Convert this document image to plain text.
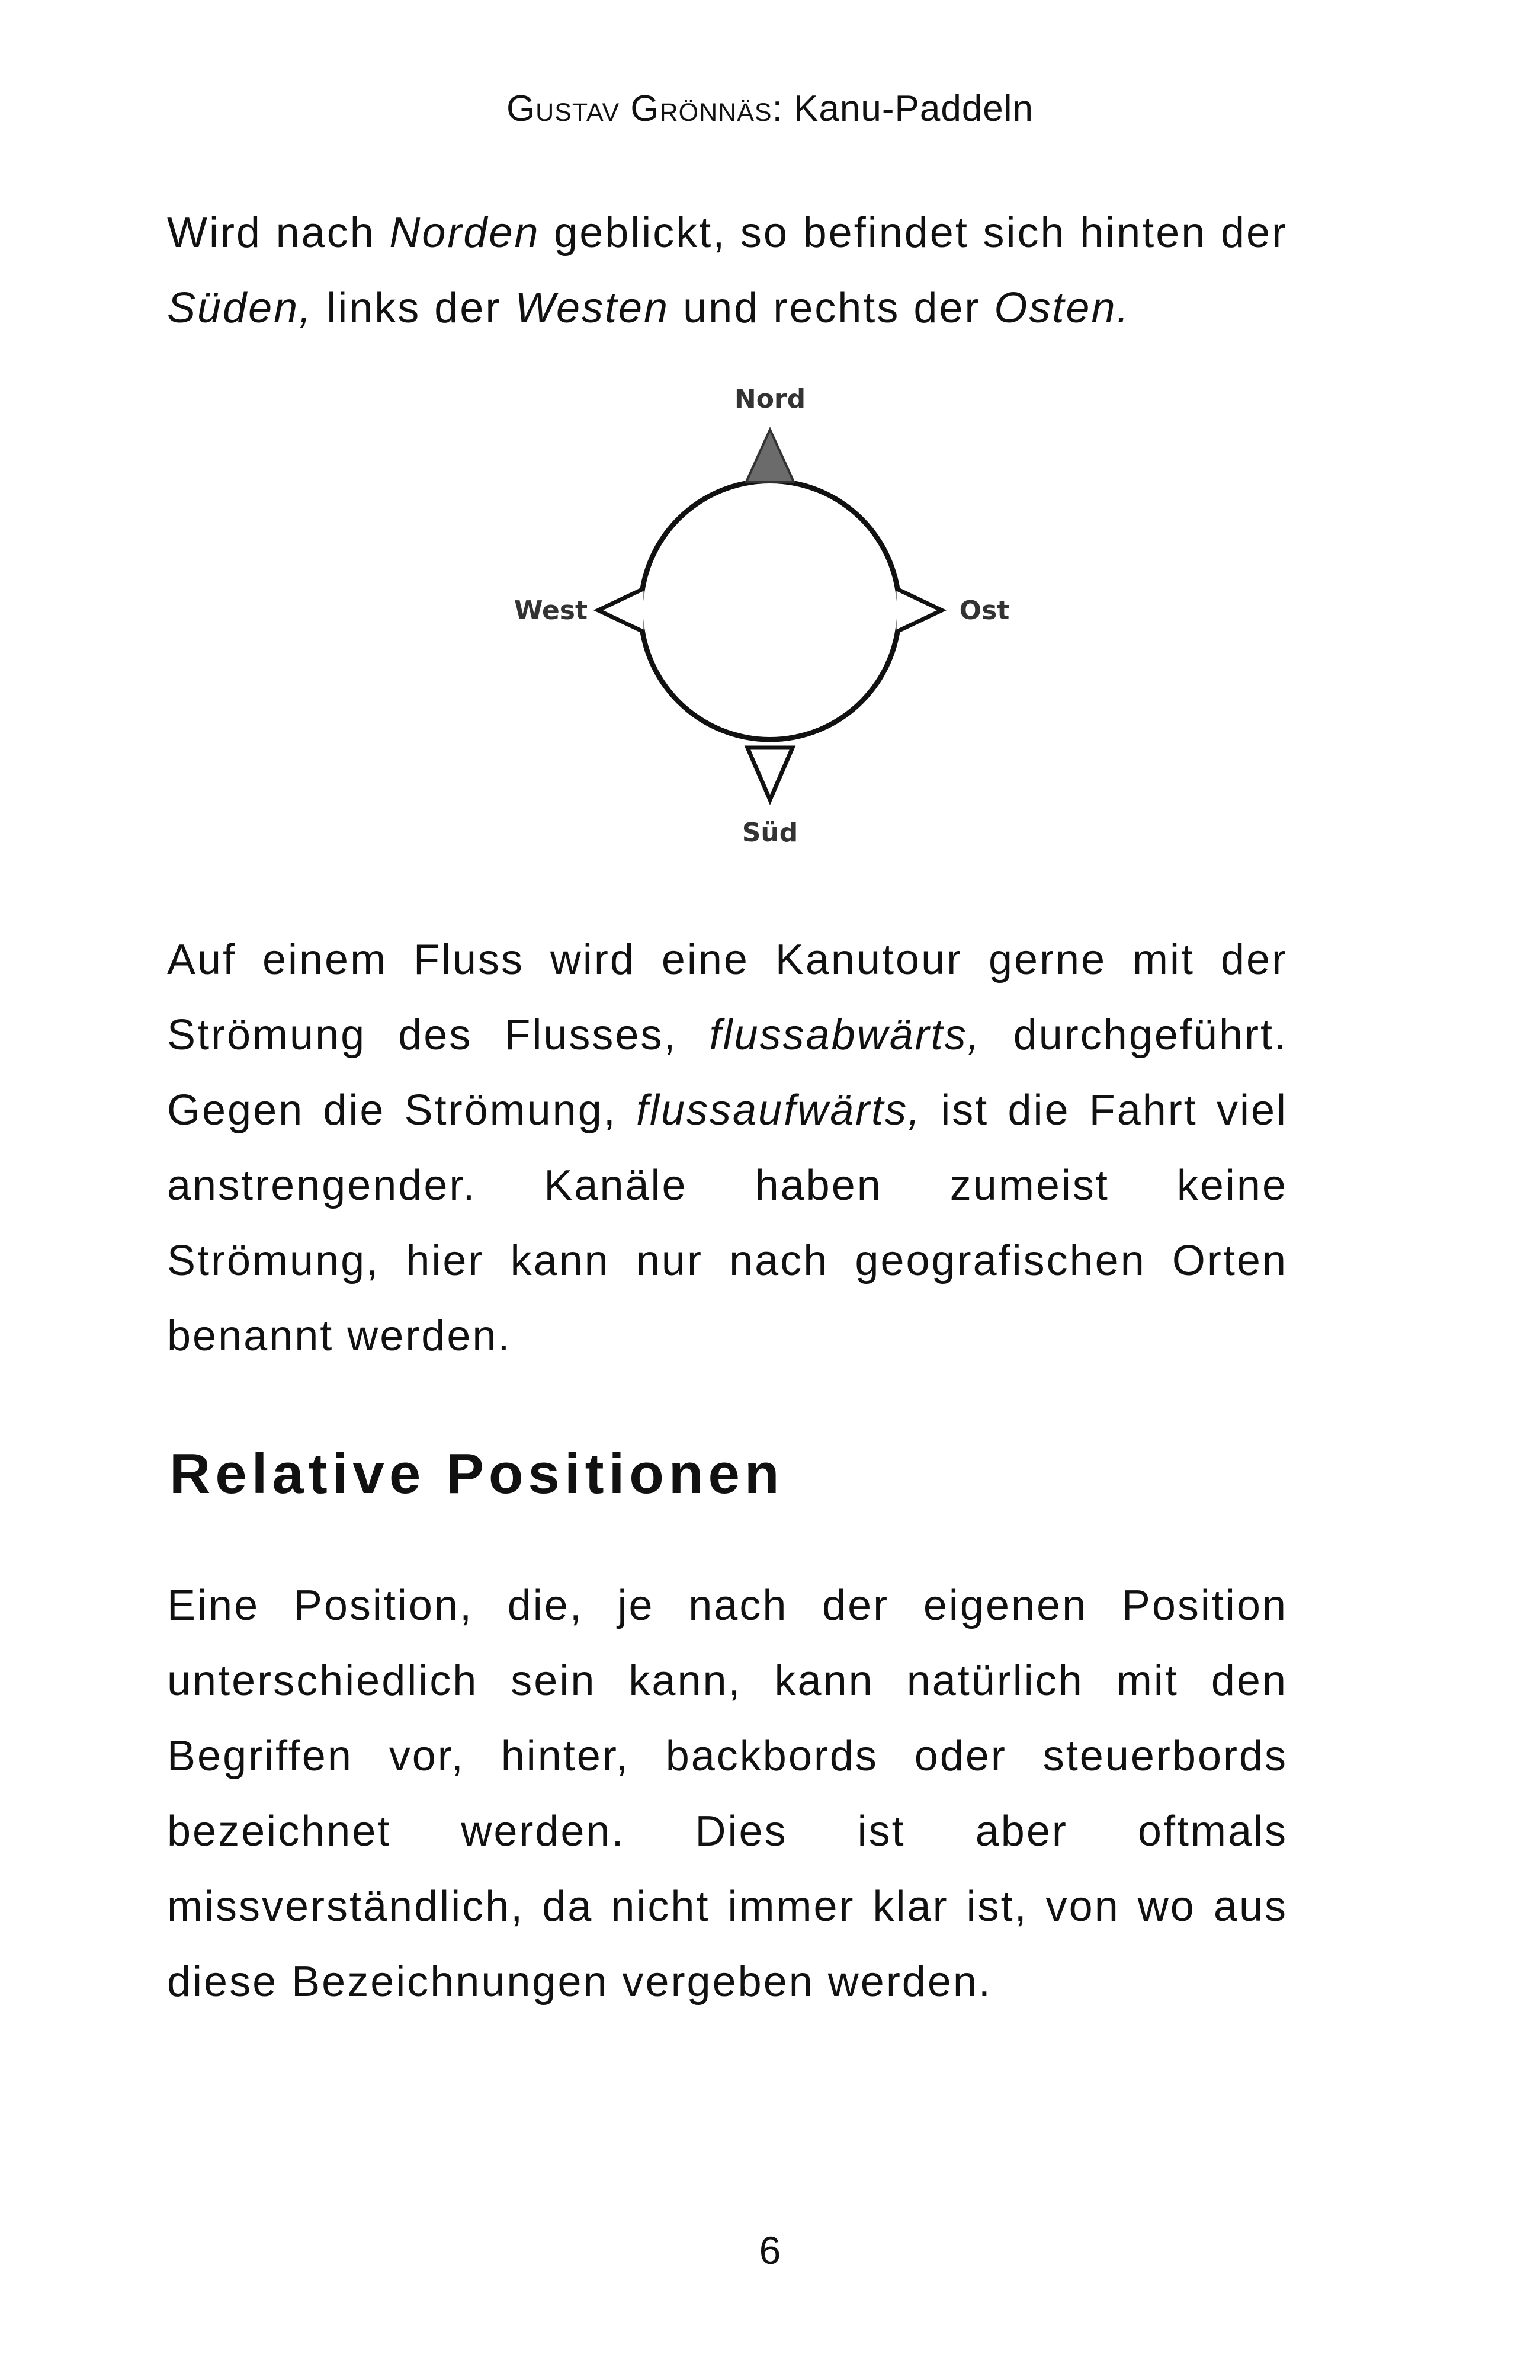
Gustav Grönnäs: Kanu-Paddeln

Wird nach Norden geblickt, so befindet sich hinten der Süden, links der Westen und rechts der Osten.

Nord
Süd
West	Ost

Auf einem Fluss wird eine Kanutour gerne mit der Strömung des Flusses, flussabwärts, durchgeführt. Gegen die Strömung, flussaufwärts, ist die Fahrt viel anstrengender. Kanäle haben zumeist keine Strömung, hier kann nur nach geografischen Orten benannt werden.

Relative Positionen

Eine Position, die, je nach der eigenen Position unterschiedlich sein kann, kann natürlich mit den Begriffen vor, hinter, backbords oder steuerbords bezeichnet werden. Dies ist aber oftmals missverständlich, da nicht immer klar ist, von wo aus diese Bezeichnungen vergeben werden.

6
